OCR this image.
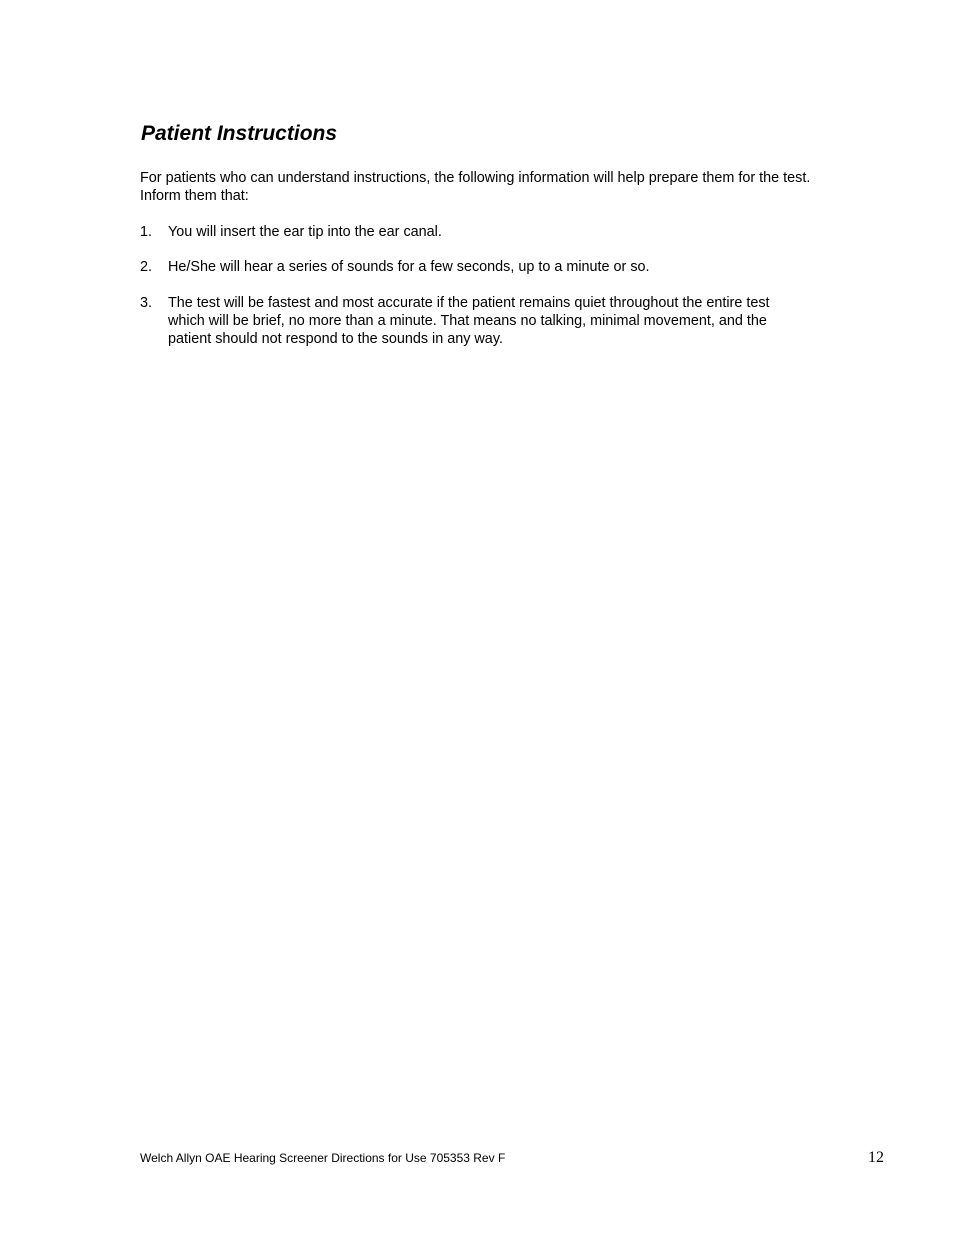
Patient Instructions

For patients who can understand instructions, the following information will help prepare them for the test. Inform them that:

1. You will insert the ear tip into the ear canal.
2. He/She will hear a series of sounds for a few seconds, up to a minute or so.
3. The test will be fastest and most accurate if the patient remains quiet throughout the entire test which will be brief, no more than a minute. That means no talking, minimal movement, and the patient should not respond to the sounds in any way.
Welch Allyn OAE Hearing Screener Directions for Use 705353 Rev F	12
